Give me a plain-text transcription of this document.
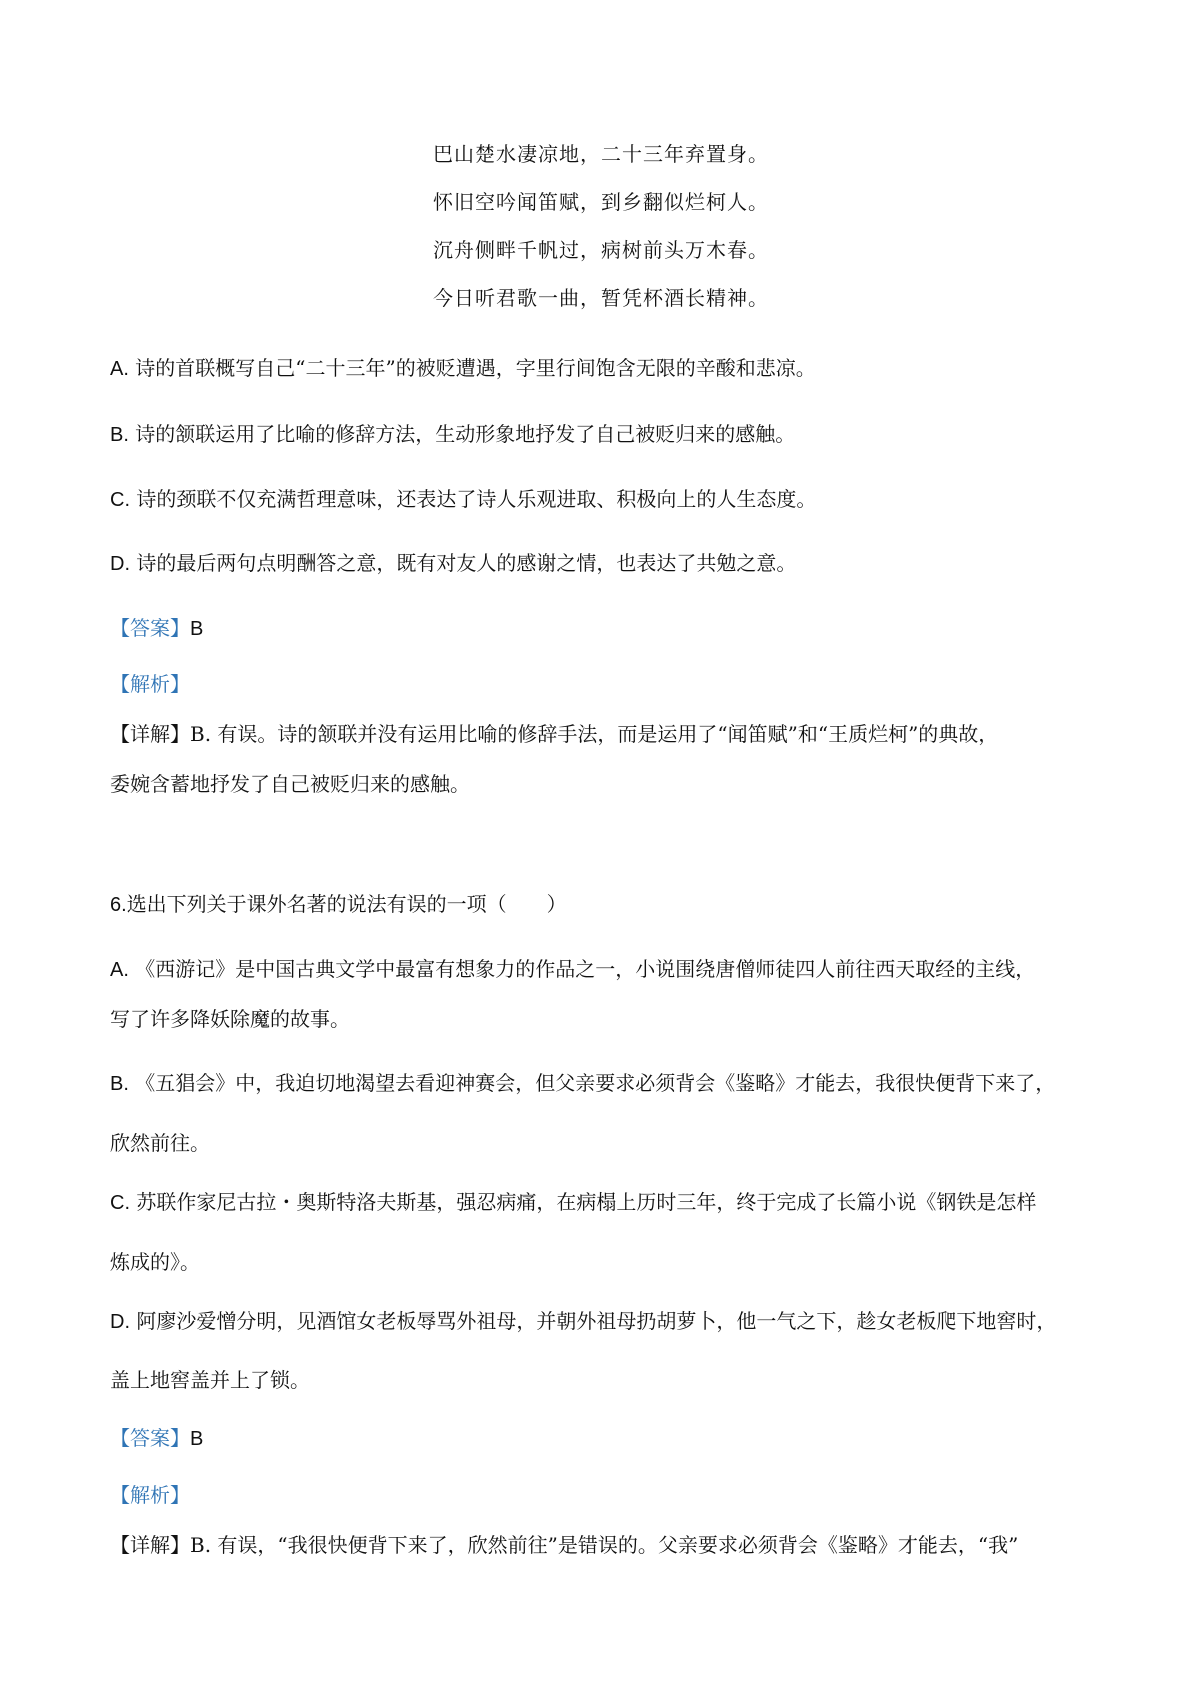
巴山楚水凄凉地，二十三年弃置身。
怀旧空吟闻笛赋，到乡翻似烂柯人。
沉舟侧畔千帆过，病树前头万木春。
今日听君歌一曲，暂凭杯酒长精神。
A. 诗的首联概写自己“二十三年”的被贬遭遇，字里行间饱含无限的辛酸和悲凉。
B. 诗的颔联运用了比喻的修辞方法，生动形象地抒发了自己被贬归来的感触。
C. 诗的颈联不仅充满哲理意味，还表达了诗人乐观进取、积极向上的人生态度。
D. 诗的最后两句点明酬答之意，既有对友人的感谢之情，也表达了共勉之意。
【答案】B
【解析】
【详解】B. 有误。诗的颔联并没有运用比喻的修辞手法，而是运用了“闻笛赋”和“王质烂柯”的典故，
委婉含蓄地抒发了自己被贬归来的感触。
6.选出下列关于课外名著的说法有误的一项（　　）
A. 《西游记》是中国古典文学中最富有想象力的作品之一，小说围绕唐僧师徒四人前往西天取经的主线，
写了许多降妖除魔的故事。
B. 《五猖会》中，我迫切地渴望去看迎神赛会，但父亲要求必须背会《鉴略》才能去，我很快便背下来了，
欣然前往。
C. 苏联作家尼古拉・奥斯特洛夫斯基，强忍病痛，在病榻上历时三年，终于完成了长篇小说《钢铁是怎样
炼成的》。
D. 阿廖沙爱憎分明，见酒馆女老板辱骂外祖母，并朝外祖母扔胡萝卜，他一气之下，趁女老板爬下地窖时，
盖上地窖盖并上了锁。
【答案】B
【解析】
【详解】B. 有误，“我很快便背下来了，欣然前往”是错误的。父亲要求必须背会《鉴略》才能去，“我”
